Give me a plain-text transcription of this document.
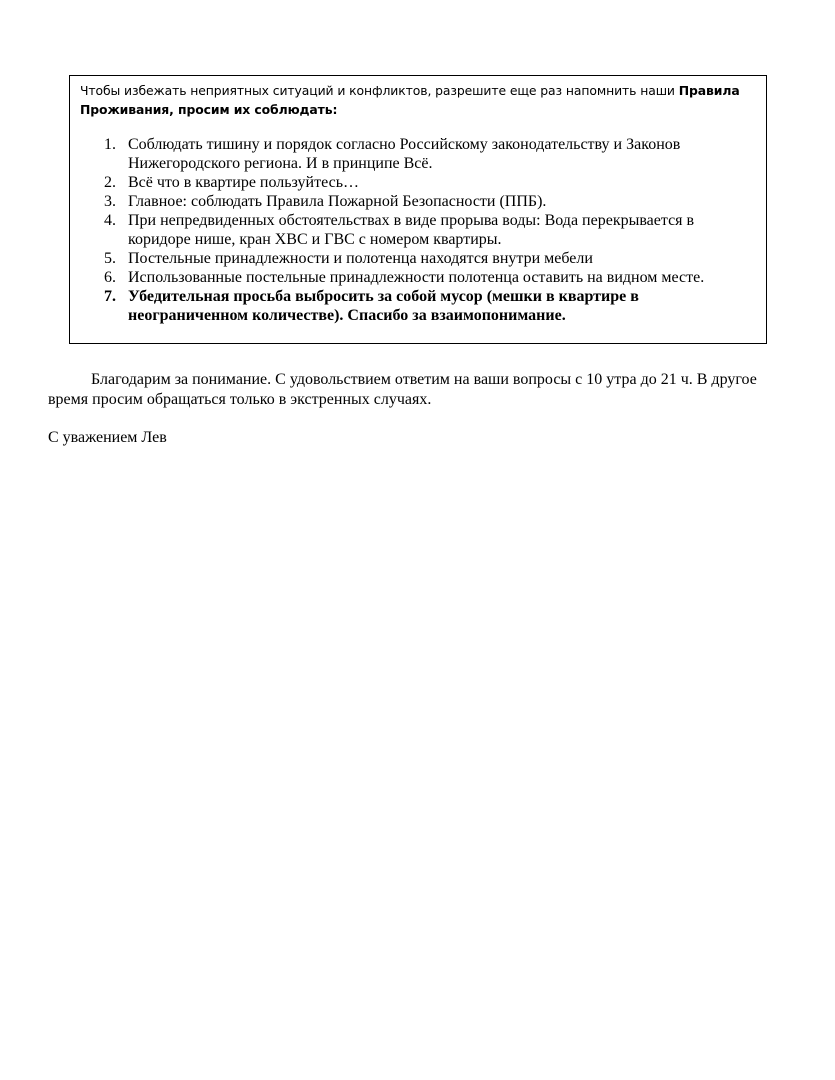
Чтобы избежать неприятных ситуаций и конфликтов, разрешите еще раз напомнить наши Правила Проживания, просим их соблюдать:

1. Соблюдать тишину и порядок согласно Российскому законодательству и Законов Нижегородского региона. И в принципе Всё.
2. Всё что в квартире пользуйтесь…
3. Главное: соблюдать Правила Пожарной Безопасности (ППБ).
4. При непредвиденных обстоятельствах в виде прорыва воды: Вода перекрывается в коридоре нише, кран ХВС и ГВС с номером квартиры.
5. Постельные принадлежности и полотенца находятся внутри мебели
6. Использованные постельные принадлежности полотенца оставить на видном месте.
7. Убедительная просьба выбросить за собой мусор (мешки в квартире в неограниченном количестве). Спасибо за взаимопонимание.

Благодарим за понимание. С удовольствием ответим на ваши вопросы с 10 утра до 21 ч. В другое время просим обращаться только в экстренных случаях.

С уважением Лев
